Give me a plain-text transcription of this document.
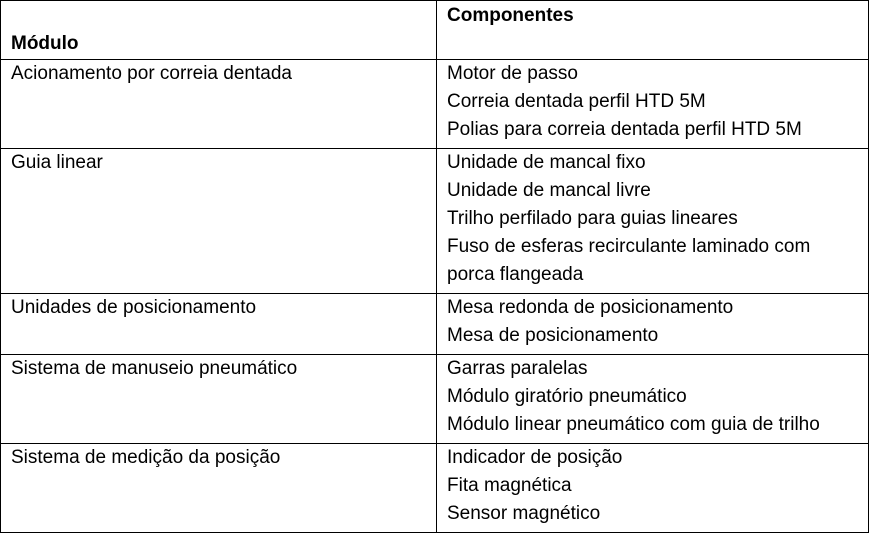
Módulo	Componentes

Acionamento por correia dentada	Motor de passo
Correia dentada perfil HTD 5M
Polias para correia dentada perfil HTD 5M

Guia linear	Unidade de mancal fixo
Unidade de mancal livre
Trilho perfilado para guias lineares
Fuso de esferas recirculante laminado com
porca flangeada

Unidades de posicionamento	Mesa redonda de posicionamento
Mesa de posicionamento

Sistema de manuseio pneumático	Garras paralelas
Módulo giratório pneumático
Módulo linear pneumático com guia de trilho

Sistema de medição da posição	Indicador de posição
Fita magnética
Sensor magnético
